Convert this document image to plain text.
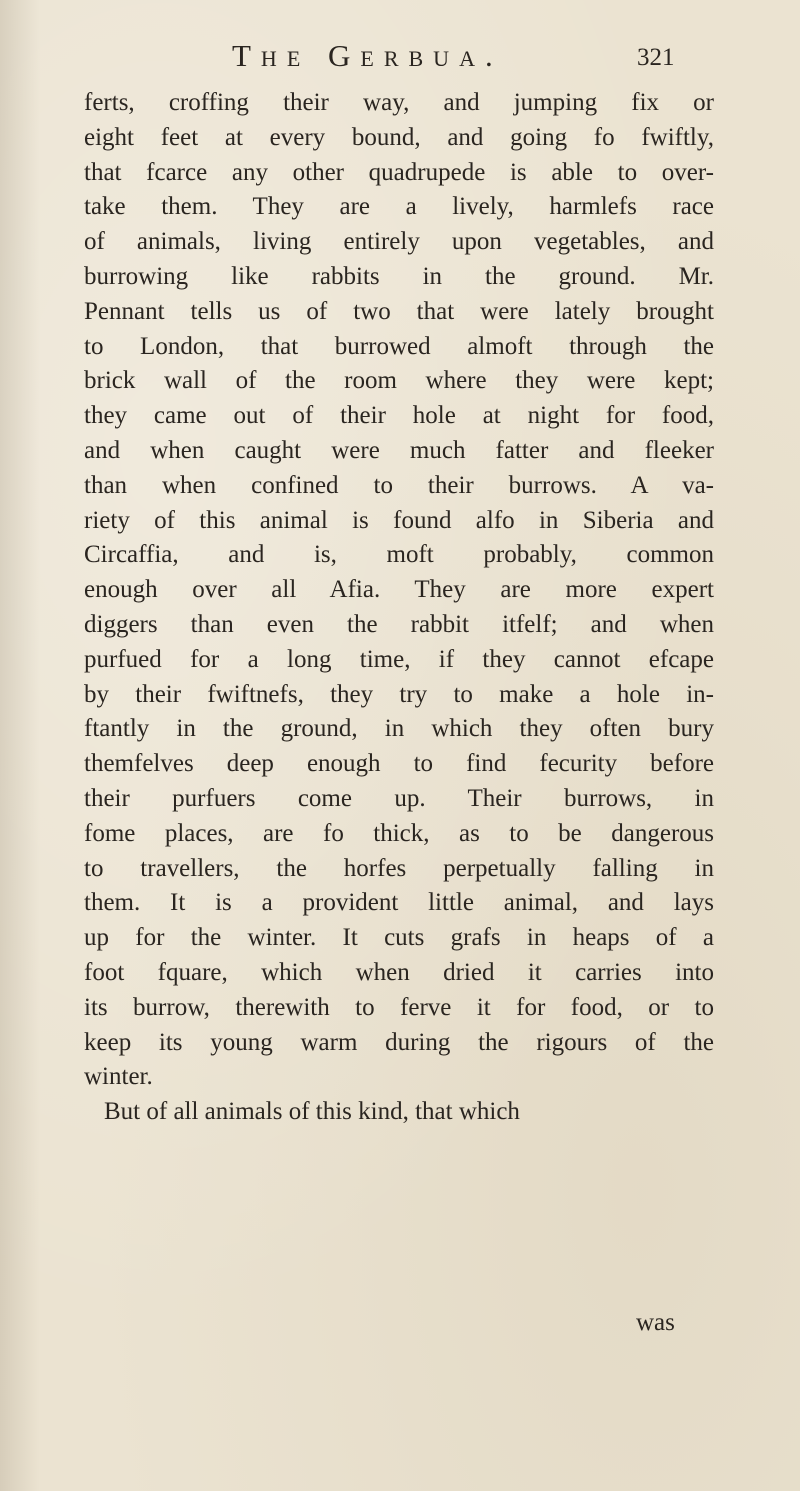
The Gerbua.	321
ferts, croffing their way, and jumping fix or
eight feet at every bound, and going fo fwiftly,
that fcarce any other quadrupede is able to over-
take them. They are a lively, harmlefs race
of animals, living entirely upon vegetables, and
burrowing like rabbits in the ground. Mr.
Pennant tells us of two that were lately brought
to London, that burrowed almoft through the
brick wall of the room where they were kept;
they came out of their hole at night for food,
and when caught were much fatter and fleeker
than when confined to their burrows. A va-
riety of this animal is found alfo in Siberia and
Circaffia, and is, moft probably, common
enough over all Afia. They are more expert
diggers than even the rabbit itfelf; and when
purfued for a long time, if they cannot efcape
by their fwiftnefs, they try to make a hole in-
ftantly in the ground, in which they often bury
themfelves deep enough to find fecurity before
their purfuers come up. Their burrows, in
fome places, are fo thick, as to be dangerous
to travellers, the horfes perpetually falling in
them. It is a provident little animal, and lays
up for the winter. It cuts grafs in heaps of a
foot fquare, which when dried it carries into
its burrow, therewith to ferve it for food, or to
keep its young warm during the rigours of the
winter.
But of all animals of this kind, that which
was
